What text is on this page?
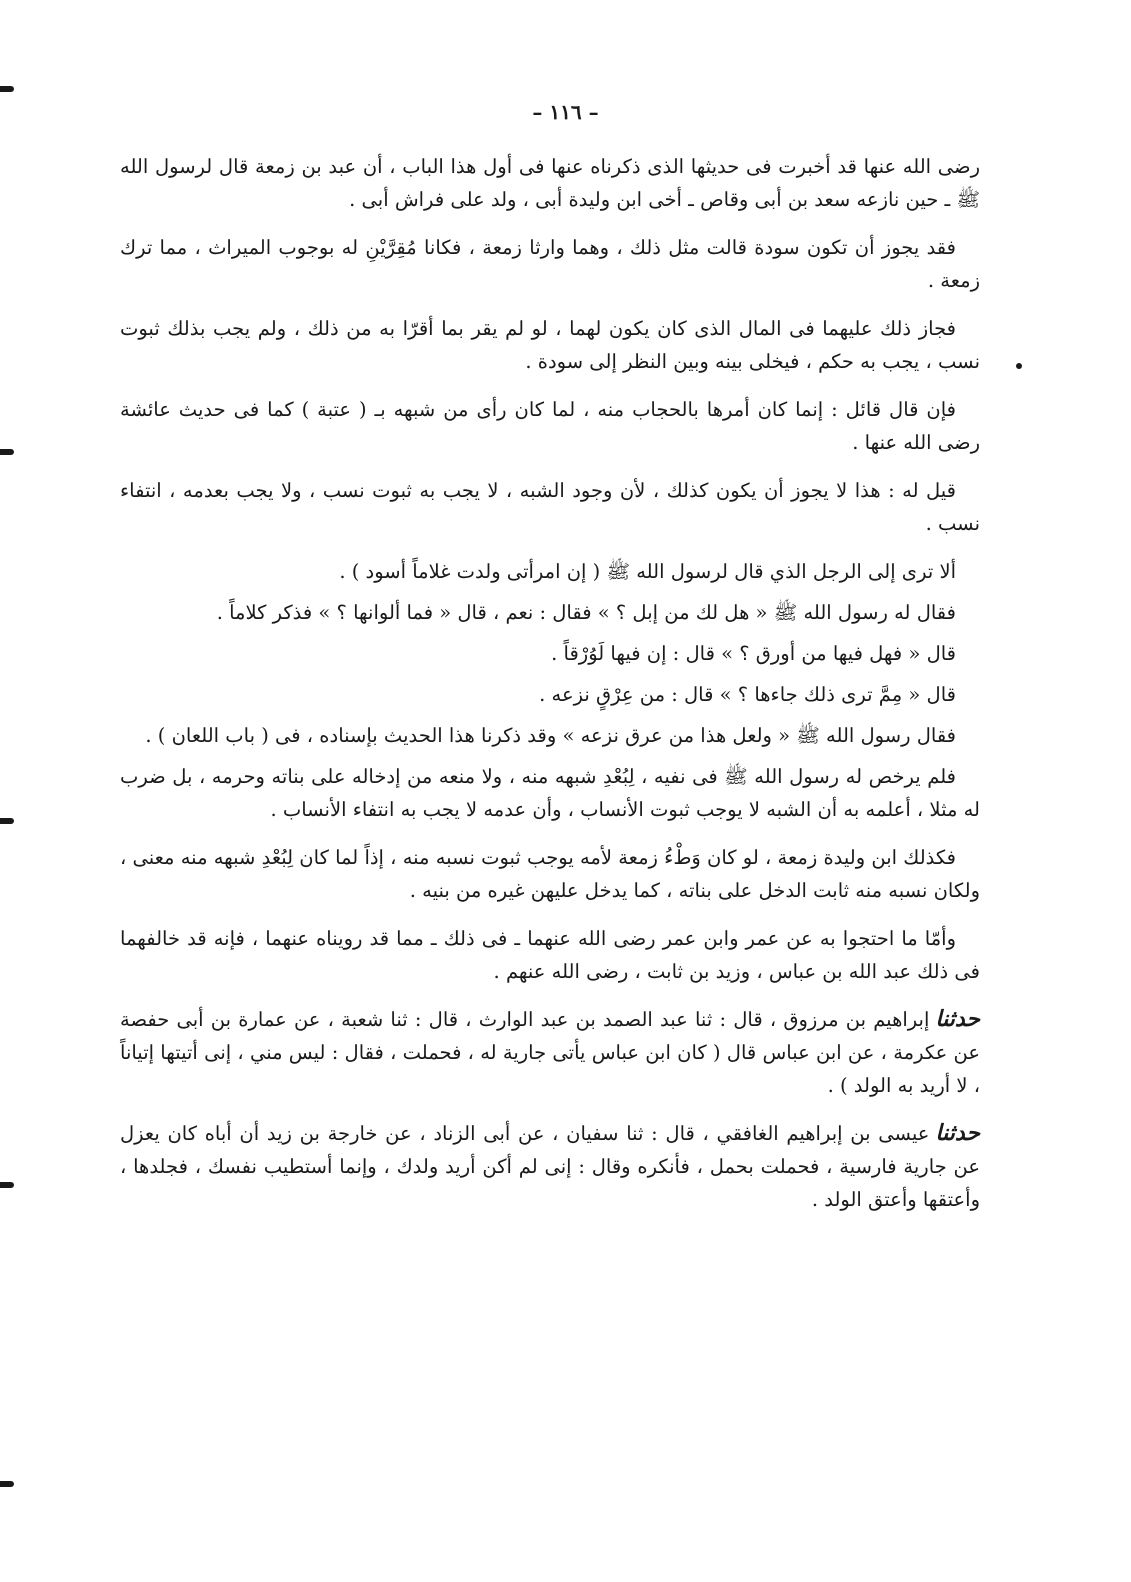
– ١١٦ –

رضى الله عنها قد أخبرت فى حديثها الذى ذكرناه عنها فى أول هذا الباب ، أن عبد بن زمعة قال لرسول الله ﷺ ـ حين نازعه سعد بن أبى وقاص ـ أخى ابن وليدة أبى ، ولد على فراش أبى .

فقد يجوز أن تكون سودة قالت مثل ذلك ، وهما وارثا زمعة ، فكانا مُقِرَّيْنِ له بوجوب الميراث ، مما ترك زمعة .

فجاز ذلك عليهما فى المال الذى كان يكون لهما ، لو لم يقر بما أقرّا به من ذلك ، ولم يجب بذلك ثبوت نسب ، يجب به حكم ، فيخلى بينه وبين النظر إلى سودة .

فإن قال قائل : إنما كان أمرها بالحجاب منه ، لما كان رأى من شبهه بـ ( عتبة ) كما فى حديث عائشة رضى الله عنها .

قيل له : هذا لا يجوز أن يكون كذلك ، لأن وجود الشبه ، لا يجب به ثبوت نسب ، ولا يجب بعدمه ، انتفاء نسب .

ألا ترى إلى الرجل الذي قال لرسول الله ﷺ ( إن امرأتى ولدت غلاماً أسود ) .

فقال له رسول الله ﷺ « هل لك من إبل ؟ » فقال : نعم ، قال « فما ألوانها ؟ » فذكر كلاماً .

قال « فهل فيها من أورق ؟ » قال : إن فيها لَوُرْقاً .

قال « مِمَّ ترى ذلك جاءها ؟ » قال : من عِرْقٍ نزعه .

فقال رسول الله ﷺ « ولعل هذا من عرق نزعه » وقد ذكرنا هذا الحديث بإسناده ، فى ( باب اللعان ) .

فلم يرخص له رسول الله ﷺ فى نفيه ، لِبُعْدِ شبهه منه ، ولا منعه من إدخاله على بناته وحرمه ، بل ضرب له مثلا ، أعلمه به أن الشبه لا يوجب ثبوت الأنساب ، وأن عدمه لا يجب به انتفاء الأنساب .

فكذلك ابن وليدة زمعة ، لو كان وَطْءُ زمعة لأمه يوجب ثبوت نسبه منه ، إذاً لما كان لِبُعْدِ شبهه منه معنى ، ولكان نسبه منه ثابت الدخل على بناته ، كما يدخل عليهن غيره من بنيه .

وأمّا ما احتجوا به عن عمر وابن عمر رضى الله عنهما ـ فى ذلك ـ مما قد رويناه عنهما ، فإنه قد خالفهما فى ذلك عبد الله بن عباس ، وزيد بن ثابت ، رضى الله عنهم .

حدثناإبراهيم بن مرزوق ، قال : ثنا عبد الصمد بن عبد الوارث ، قال : ثنا شعبة ، عن عمارة بن أبى حفصة عن عكرمة ، عن ابن عباس قال ( كان ابن عباس يأتى جارية له ، فحملت ، فقال : ليس مني ، إنى أتيتها إتياناً ، لا أريد به الولد ) .

حدثناعيسى بن إبراهيم الغافقي ، قال : ثنا سفيان ، عن أبى الزناد ، عن خارجة بن زيد أن أباه كان يعزل عن جارية فارسية ، فحملت بحمل ، فأنكره وقال : إنى لم أكن أريد ولدك ، وإنما أستطيب نفسك ، فجلدها ، وأعتقها وأعتق الولد .
